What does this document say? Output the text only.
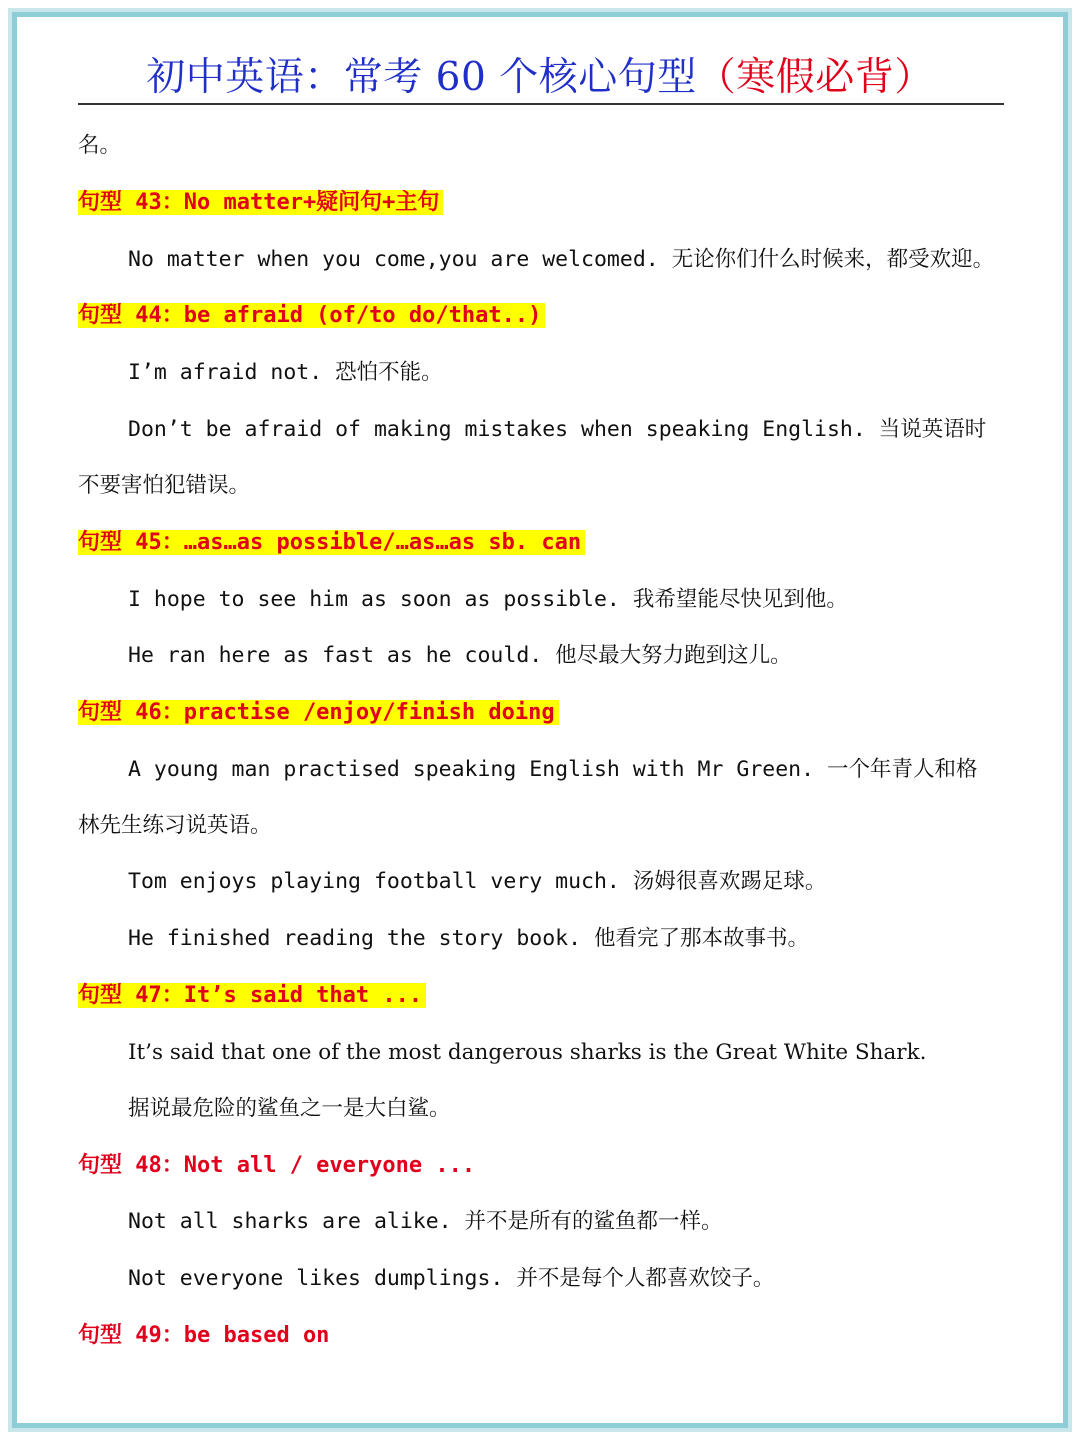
初中英语：常考 60 个核心句型（寒假必背）
名。
句型 43：No matter+疑问句+主句
No matter when you come,you are welcomed. 无论你们什么时候来，都受欢迎。
句型 44：be afraid (of/to do/that..)
I’m afraid not. 恐怕不能。
Don’t be afraid of making mistakes when speaking English. 当说英语时
不要害怕犯错误。
句型 45：…as…as possible/…as…as sb. can
I hope to see him as soon as possible. 我希望能尽快见到他。
He ran here as fast as he could. 他尽最大努力跑到这儿。
句型 46：practise /enjoy/finish doing
A young man practised speaking English with Mr Green. 一个年青人和格
林先生练习说英语。
Tom enjoys playing football very much. 汤姆很喜欢踢足球。
He finished reading the story book. 他看完了那本故事书。
句型 47：It’s said that ...
It’s said that one of the most dangerous sharks is the Great White Shark.
据说最危险的鲨鱼之一是大白鲨。
句型 48：Not all / everyone ...
Not all sharks are alike. 并不是所有的鲨鱼都一样。
Not everyone likes dumplings. 并不是每个人都喜欢饺子。
句型 49：be based on
